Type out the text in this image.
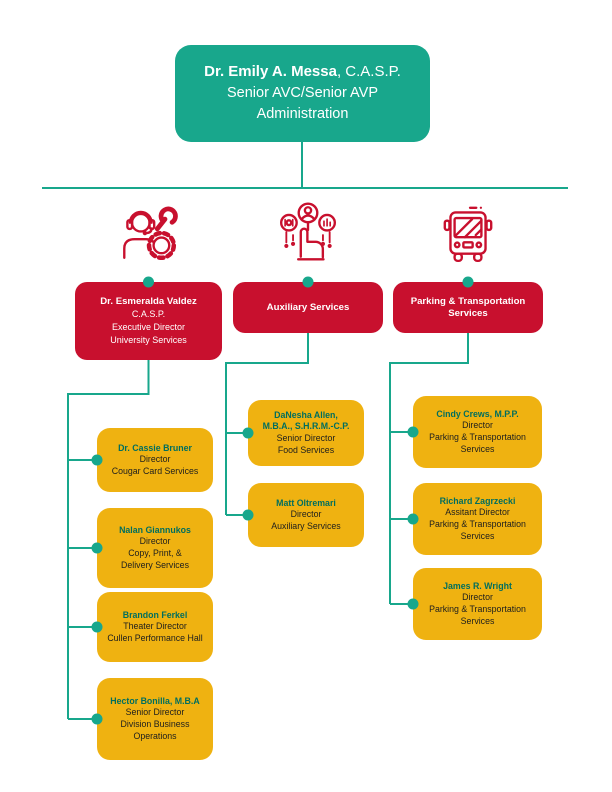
Dr. Emily A. Messa, C.A.S.P.
Senior AVC/Senior AVP
Administration
Dr. Esmeralda Valdez
C.A.S.P.
Executive Director
University Services
Auxiliary Services
Parking & Transportation
Services
Dr. Cassie Bruner
Director
Cougar Card Services
Nalan Giannukos
Director
Copy, Print, &
Delivery Services
Brandon Ferkel
Theater Director
Cullen Performance Hall
Hector Bonilla, M.B.A
Senior Director
Division Business
Operations
DaNesha Allen,
M.B.A., S.H.R.M.-C.P.
Senior Director
Food Services
Matt Oltremari
Director
Auxiliary Services
Cindy Crews, M.P.P.
Director
Parking & Transportation
Services
Richard Zagrzecki
Assitant Director
Parking & Transportation
Services
James R. Wright
Director
Parking & Transportation
Services
